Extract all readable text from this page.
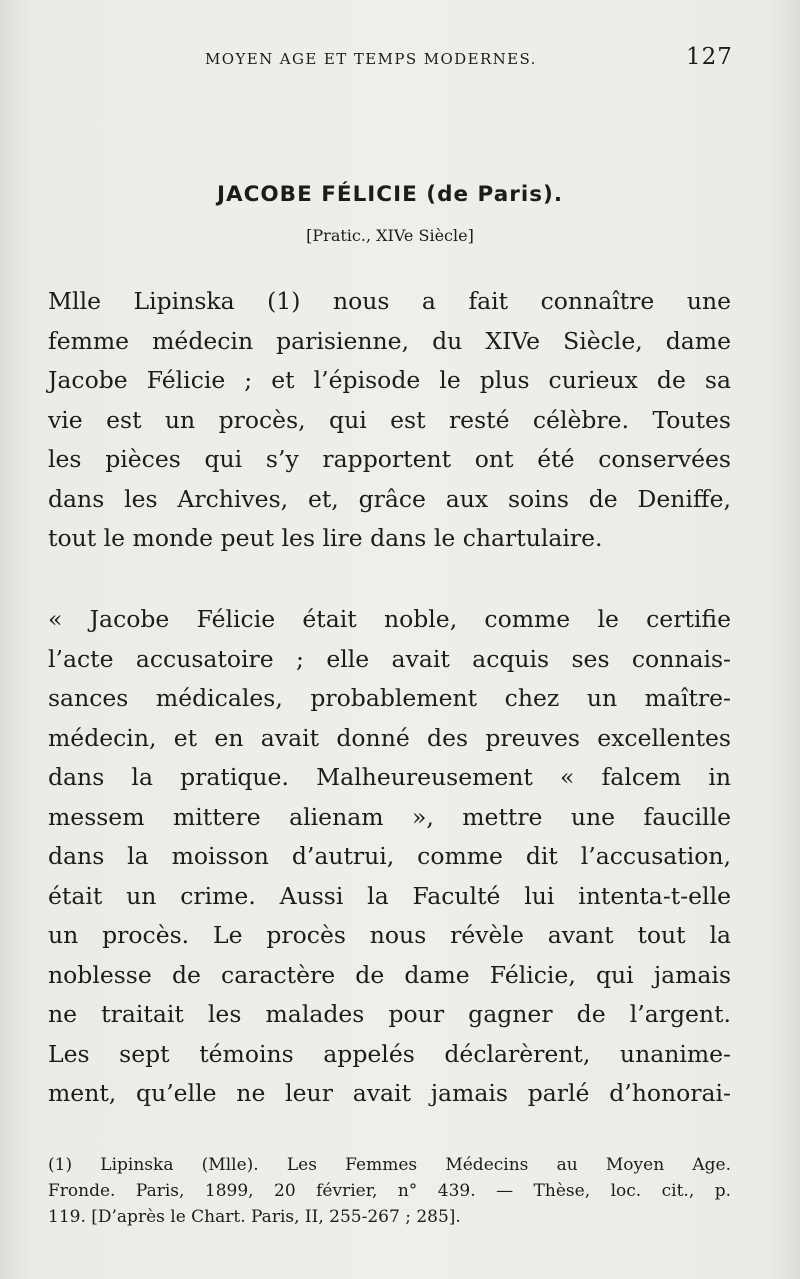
MOYEN AGE ET TEMPS MODERNES.	127
JACOBE FÉLICIE (de Paris).
[Pratic., XIVe Siècle]
Mlle Lipinska (1) nous a fait connaître une
femme médecin parisienne, du XIVe Siècle, dame
Jacobe Félicie ; et l’épisode le plus curieux de sa
vie est un procès, qui est resté célèbre. Toutes
les pièces qui s’y rapportent ont été conservées
dans les Archives, et, grâce aux soins de Deniffe,
tout le monde peut les lire dans le chartulaire.
« Jacobe Félicie était noble, comme le certifie
l’acte accusatoire ; elle avait acquis ses connais-
sances médicales, probablement chez un maître-
médecin, et en avait donné des preuves excellentes
dans la pratique. Malheureusement « falcem in
messem mittere alienam », mettre une faucille
dans la moisson d’autrui, comme dit l’accusation,
était un crime. Aussi la Faculté lui intenta-t-elle
un procès. Le procès nous révèle avant tout la
noblesse de caractère de dame Félicie, qui jamais
ne traitait les malades pour gagner de l’argent.
Les sept témoins appelés déclarèrent, unanime-
ment, qu’elle ne leur avait jamais parlé d’honorai-
(1) Lipinska (Mlle). Les Femmes Médecins au Moyen Age.
Fronde. Paris, 1899, 20 février, n° 439. — Thèse, loc. cit., p.
119. [D’après le Chart. Paris, II, 255-267 ; 285].
